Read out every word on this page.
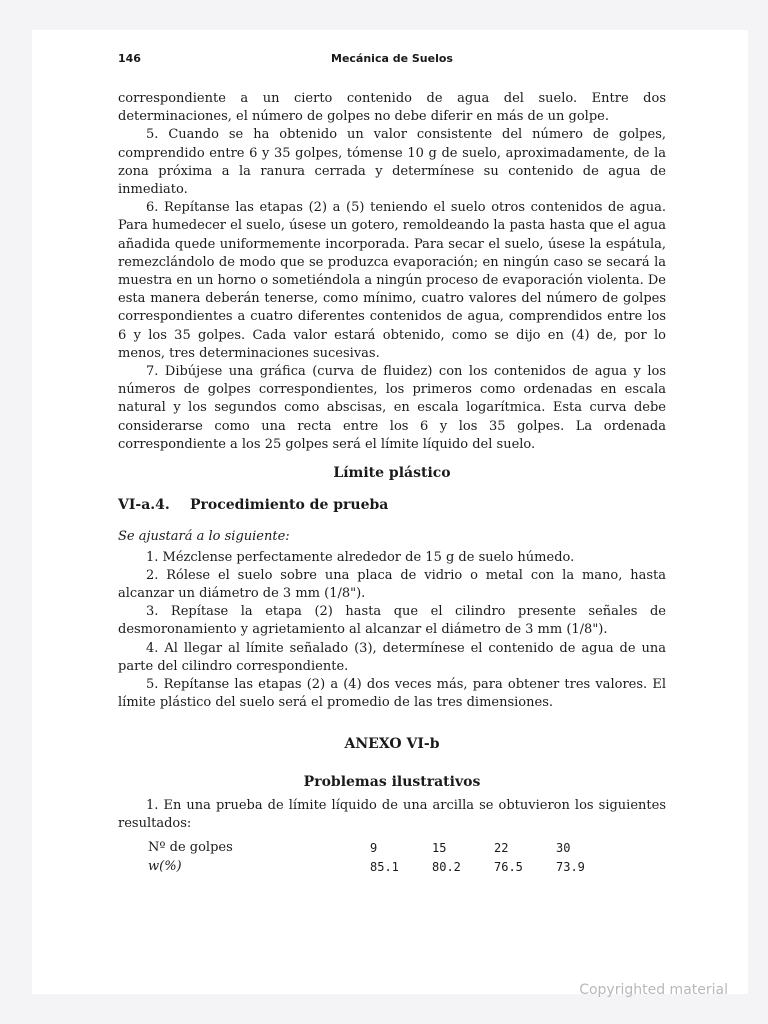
146	Mecánica de Suelos

correspondiente a un cierto contenido de agua del suelo. Entre dos determinaciones, el número de golpes no debe diferir en más de un golpe.

5. Cuando se ha obtenido un valor consistente del número de golpes, comprendido entre 6 y 35 golpes, tómense 10 g de suelo, aproximadamente, de la zona próxima a la ranura cerrada y determínese su contenido de agua de inmediato.

6. Repítanse las etapas (2) a (5) teniendo el suelo otros contenidos de agua. Para humedecer el suelo, úsese un gotero, remoldeando la pasta hasta que el agua añadida quede uniformemente incorporada. Para secar el suelo, úsese la espátula, remezclándolo de modo que se produzca evaporación; en ningún caso se secará la muestra en un horno o sometiéndola a ningún proceso de evaporación violenta. De esta manera deberán tenerse, como mínimo, cuatro valores del número de golpes correspondientes a cuatro diferentes contenidos de agua, comprendidos entre los 6 y los 35 golpes. Cada valor estará obtenido, como se dijo en (4) de, por lo menos, tres determinaciones sucesivas.

7. Dibújese una gráfica (curva de fluidez) con los contenidos de agua y los números de golpes correspondientes, los primeros como ordenadas en escala natural y los segundos como abscisas, en escala logarítmica. Esta curva debe considerarse como una recta entre los 6 y los 35 golpes. La ordenada correspondiente a los 25 golpes será el límite líquido del suelo.

Límite plástico
VI-a.4. Procedimiento de prueba
Se ajustará a lo siguiente:

1. Mézclense perfectamente alrededor de 15 g de suelo húmedo.

2. Rólese el suelo sobre una placa de vidrio o metal con la mano, hasta alcanzar un diámetro de 3 mm (1/8").

3. Repítase la etapa (2) hasta que el cilindro presente señales de desmoronamiento y agrietamiento al alcanzar el diámetro de 3 mm (1/8").

4. Al llegar al límite señalado (3), determínese el contenido de agua de una parte del cilindro correspondiente.

5. Repítanse las etapas (2) a (4) dos veces más, para obtener tres valores. El límite plástico del suelo será el promedio de las tres dimensiones.

ANEXO VI-b
Problemas ilustrativos

1. En una prueba de límite líquido de una arcilla se obtuvieron los siguientes resultados:

Nº de golpes	9	15	22	30
w(%)	85.1	80.2	76.5	73.9
Copyrighted material
